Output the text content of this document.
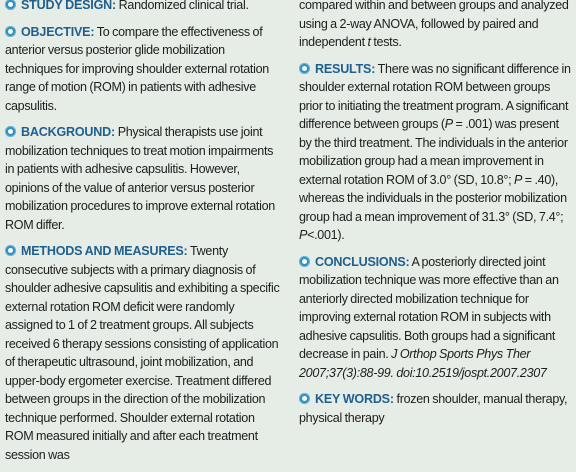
STUDY DESIGN: Randomized clinical trial.

OBJECTIVE: To compare the effectiveness of anterior versus posterior glide mobilization techniques for improving shoulder external rotation range of motion (ROM) in patients with adhesive capsulitis.

BACKGROUND: Physical therapists use joint mobilization techniques to treat motion impairments in patients with adhesive capsulitis. However, opinions of the value of anterior versus posterior mobilization procedures to improve external rotation ROM differ.

METHODS AND MEASURES: Twenty consecutive subjects with a primary diagnosis of shoulder adhesive capsulitis and exhibiting a specific external rotation ROM deficit were randomly assigned to 1 of 2 treatment groups. All subjects received 6 therapy sessions consisting of application of therapeutic ultrasound, joint mobilization, and upper-body ergometer exercise. Treatment differed between groups in the direction of the mobilization technique performed. Shoulder external rotation ROM measured initially and after each treatment session was

compared within and between groups and analyzed using a 2-way ANOVA, followed by paired and independent t tests.

RESULTS: There was no significant difference in shoulder external rotation ROM between groups prior to initiating the treatment program. A significant difference between groups (P = .001) was present by the third treatment. The individuals in the anterior mobilization group had a mean improvement in external rotation ROM of 3.0° (SD, 10.8°; P = .40), whereas the individuals in the posterior mobilization group had a mean improvement of 31.3° (SD, 7.4°; P<.001).

CONCLUSIONS: A posteriorly directed joint mobilization technique was more effective than an anteriorly directed mobilization technique for improving external rotation ROM in subjects with adhesive capsulitis. Both groups had a significant decrease in pain. J Orthop Sports Phys Ther 2007;37(3):88-99. doi:10.2519/jospt.2007.2307

KEY WORDS: frozen shoulder, manual therapy, physical therapy
